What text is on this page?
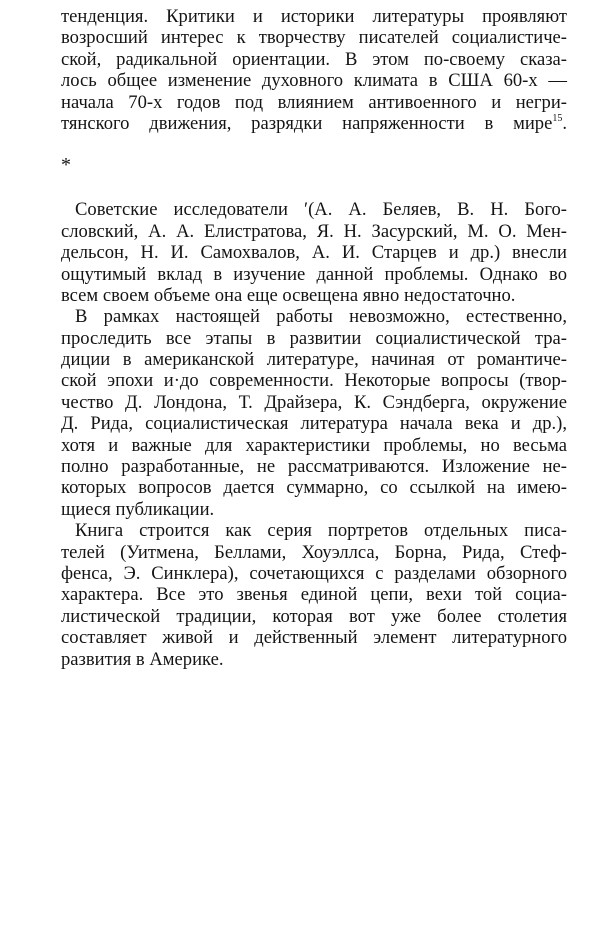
тенденция. Критики и историки литературы проявляют
возросший интерес к творчеству писателей социалистиче-
ской, радикальной ориентации. В этом по-своему сказа-
лось общее изменение духовного климата в США 60-х —
начала 70-х годов под влиянием антивоенного и негри-
тянского движения, разрядки напряженности в мире$^{15}$.
*
Советские исследователи ′(А. А. Беляев, В. Н. Бого-
словский, А. А. Елистратова, Я. Н. Засурский, М. О. Мен-
дельсон, Н. И. Самохвалов, А. И. Старцев и др.) внесли
ощутимый вклад в изучение данной проблемы. Однако во
всем своем объеме она еще освещена явно недостаточно.
В рамках настоящей работы невозможно, естественно,
проследить все этапы в развитии социалистической тра-
диции в американской литературе, начиная от романтиче-
ской эпохи и·до современности. Некоторые вопросы (твор-
чество Д. Лондона, Т. Драйзера, К. Сэндберга, окружение
Д. Рида, социалистическая литература начала века и др.),
хотя и важные для характеристики проблемы, но весьма
полно разработанные, не рассматриваются. Изложение не-
которых вопросов дается суммарно, со ссылкой на имею-
щиеся публикации.
Книга строится как серия портретов отдельных писа-
телей (Уитмена, Беллами, Хоуэллса, Борна, Рида, Стеф-
фенса, Э. Синклера), сочетающихся с разделами обзорного
характера. Все это звенья единой цепи, вехи той социа-
листической традиции, которая вот уже более столетия
составляет живой и действенный элемент литературного
развития в Америке.
